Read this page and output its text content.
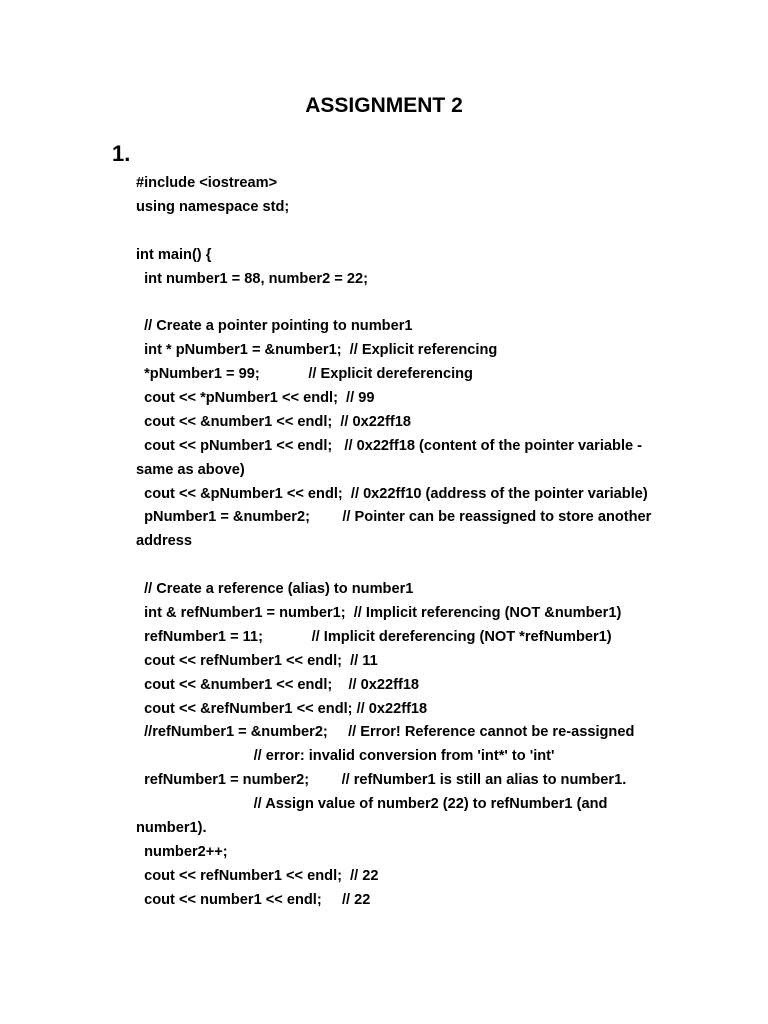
ASSIGNMENT 2
1.
#include <iostream>
using namespace std;
int main() {
int number1 = 88, number2 = 22;
// Create a pointer pointing to number1
int * pNumber1 = &number1;  // Explicit referencing
*pNumber1 = 99;            // Explicit dereferencing
cout << *pNumber1 << endl;  // 99
cout << &number1 << endl;  // 0x22ff18
cout << pNumber1 << endl;   // 0x22ff18 (content of the pointer variable -
same as above)
cout << &pNumber1 << endl;  // 0x22ff10 (address of the pointer variable)
pNumber1 = &number2;        // Pointer can be reassigned to store another
address
// Create a reference (alias) to number1
int & refNumber1 = number1;  // Implicit referencing (NOT &number1)
refNumber1 = 11;            // Implicit dereferencing (NOT *refNumber1)
cout << refNumber1 << endl;  // 11
cout << &number1 << endl;    // 0x22ff18
cout << &refNumber1 << endl; // 0x22ff18
//refNumber1 = &number2;     // Error! Reference cannot be re-assigned
// error: invalid conversion from 'int*' to 'int'
refNumber1 = number2;        // refNumber1 is still an alias to number1.
// Assign value of number2 (22) to refNumber1 (and
number1).
number2++;
cout << refNumber1 << endl;  // 22
cout << number1 << endl;     // 22
